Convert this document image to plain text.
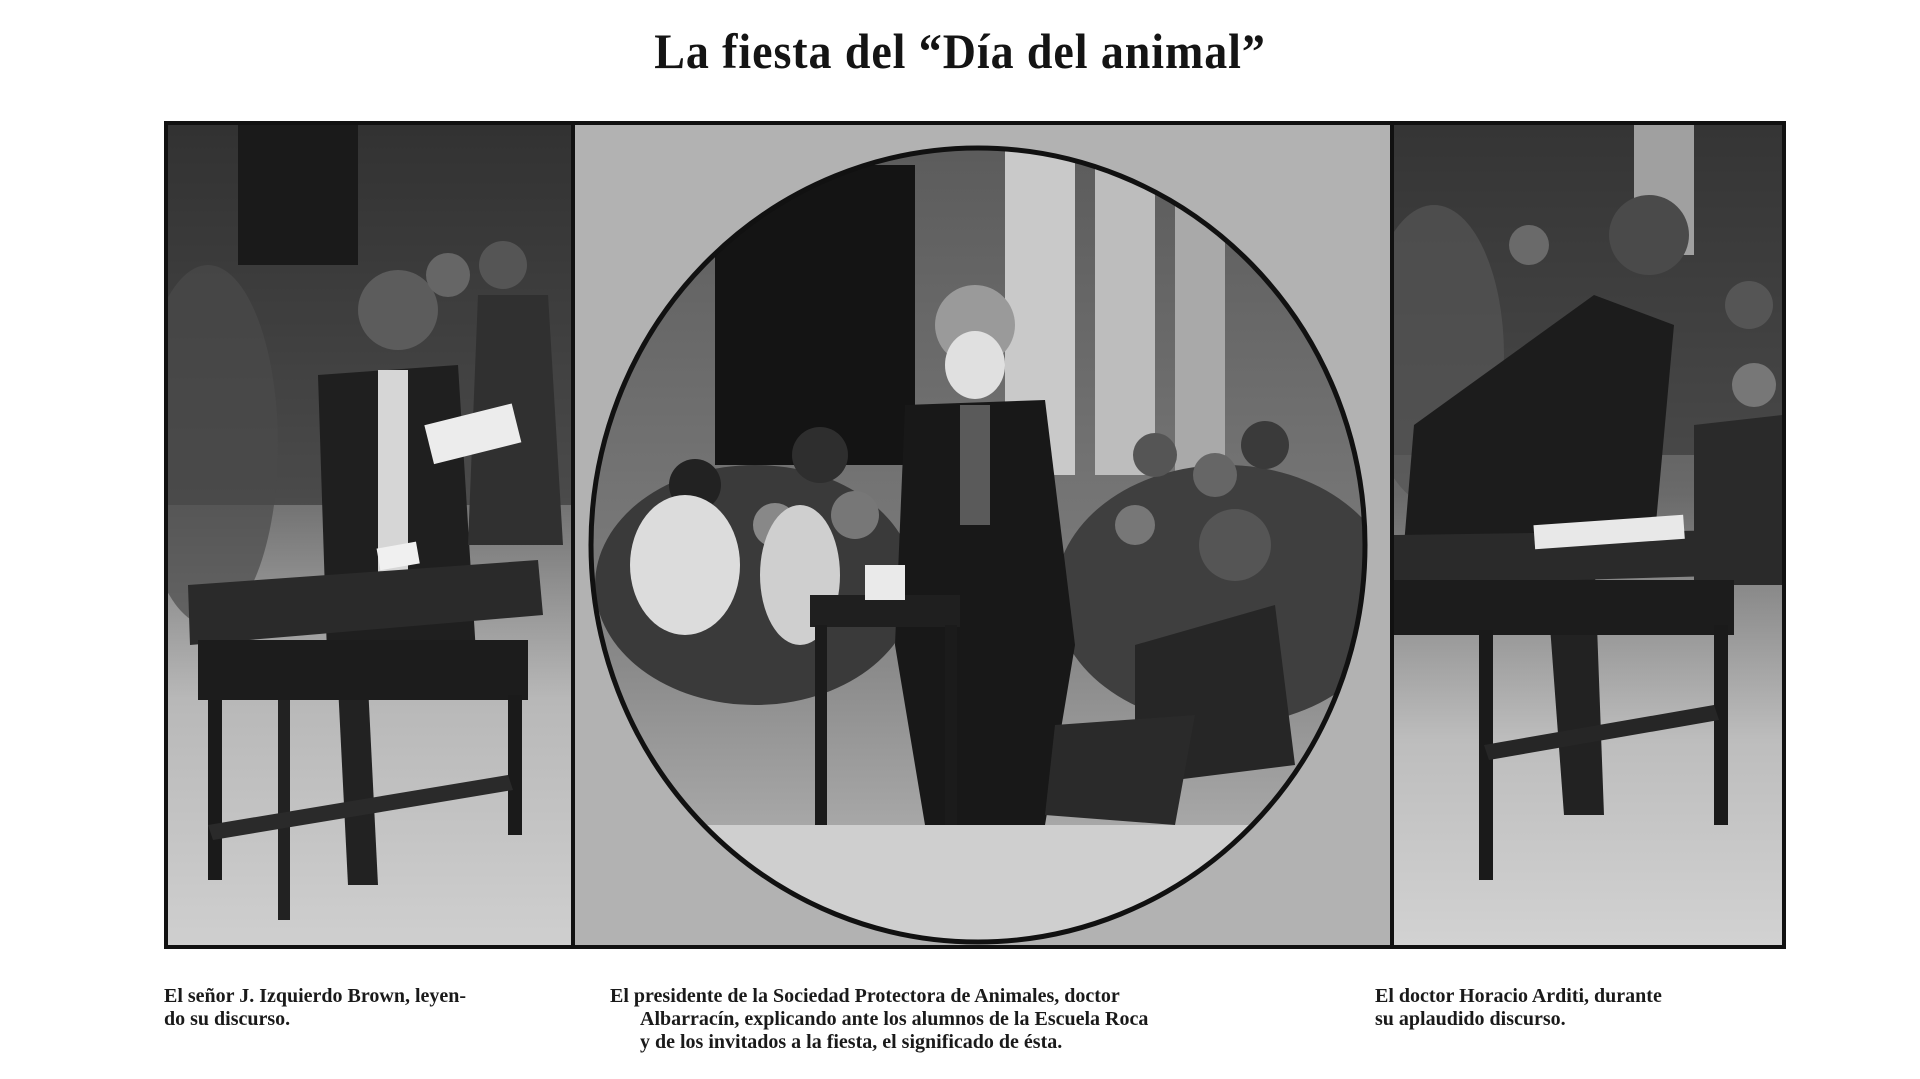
La fiesta del “Día del animal”
El señor J. Izquierdo Brown, leyen-

do su discurso.
El presidente de la Sociedad Protectora de Animales, doctor
Albarracín, explicando ante los alumnos de la Escuela Roca
y de los invitados a la fiesta, el significado de ésta.
El doctor Horacio Arditi, durante

su aplaudido discurso.
